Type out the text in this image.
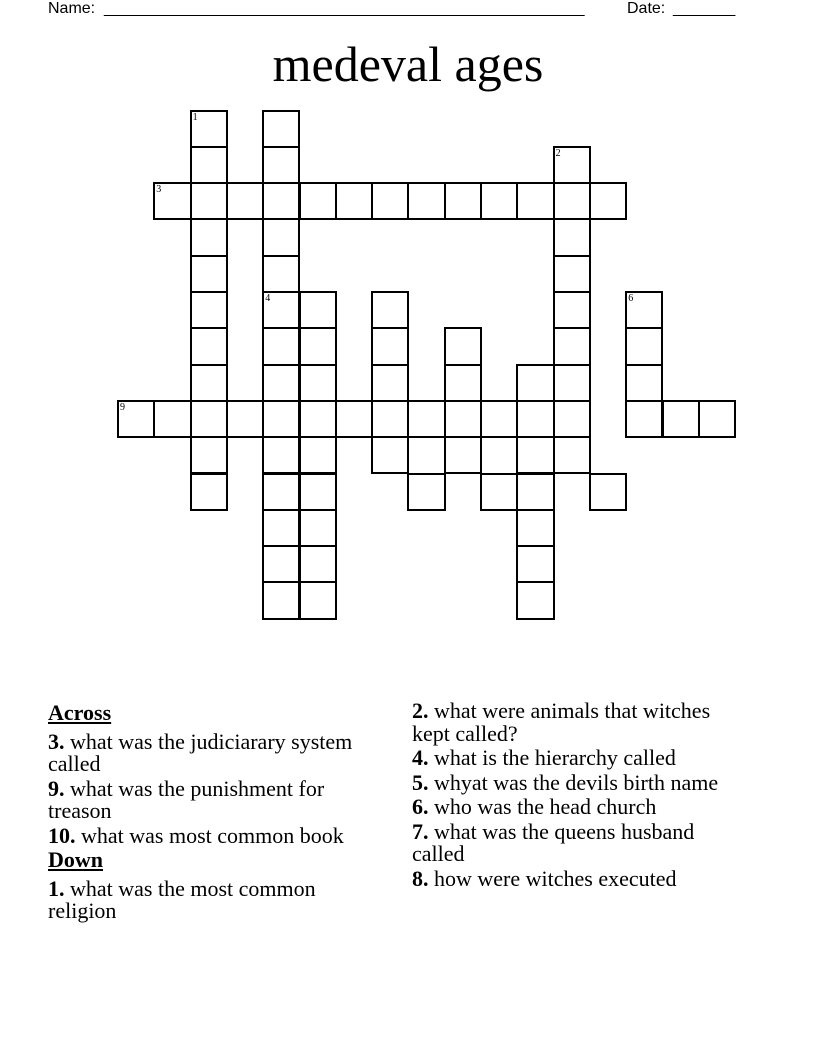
Name: ______________________________________________________	Date: _______
medeval ages
1
4
2
3
6
9
Across
3. what was the judiciarary system called
9. what was the punishment for treason
10. what was most common book
Down
1. what was the most common religion
2. what were animals that witches kept called?
4. what is the hierarchy called
5. whyat was the devils birth name
6. who was the head church
7. what was the queens husband called
8. how were witches executed
